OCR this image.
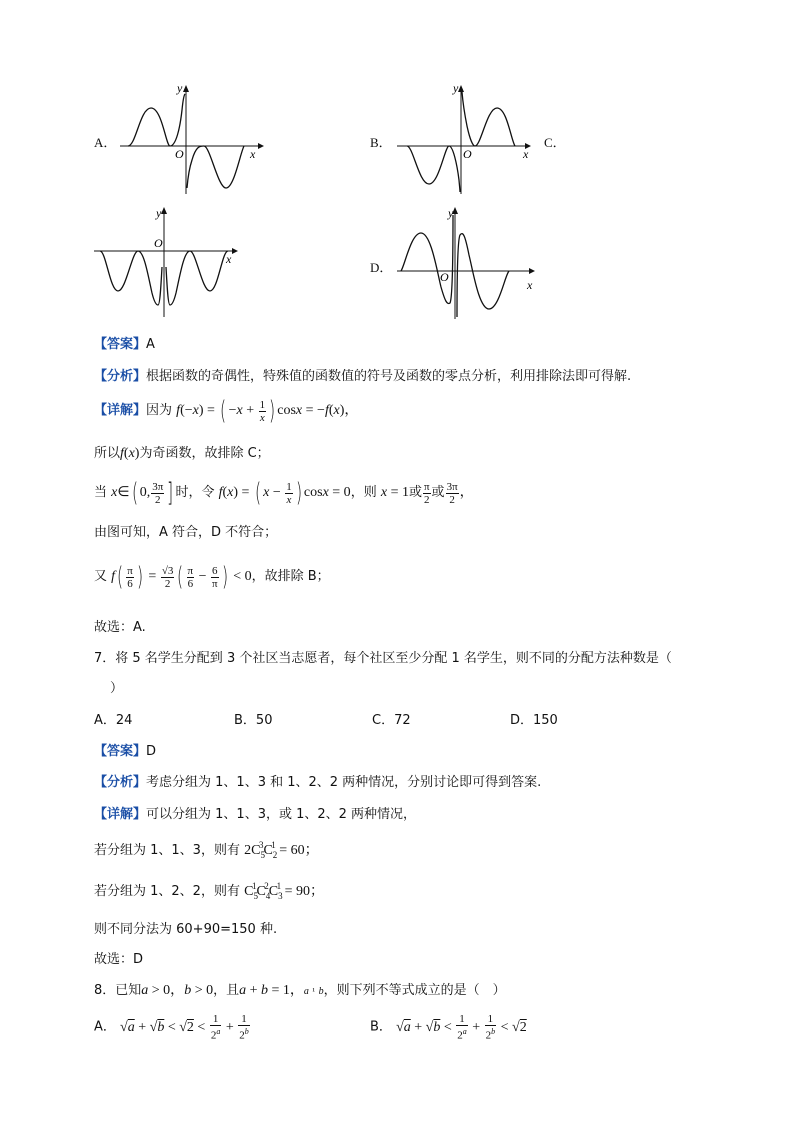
A．
y
O	x
B．
y
O	x
C．
y
O
x
D．
y
O
x
【答案】A
【分析】根据函数的奇偶性，特殊值的函数值的符号及函数的零点分析，利用排除法即可得解.
【详解】因为 f(−x) = ( $-x + \frac{1}{x}$ ) cosx = −f(x)，
所以f(x)为奇函数，故排除 C；
当 x∈( 0, $\frac{3\pi}{2}$ ] 时，令 f(x) = ( $x - \frac{1}{x}$ ) cosx = 0，则 x = 1或 $\frac{\pi}{2}$ 或 $\frac{3\pi}{2}$ ，
由图可知，A 符合，D 不符合；
又 $f( \frac{\pi}{6}$ ) = $\frac{√3}{2}$ ( $\frac{\pi}{6} - \frac{6}{\pi}$ ) < 0，故排除 B；
故选：A.
7．将 5 名学生分配到 3 个社区当志愿者，每个社区至少分配 1 名学生，则不同的分配方法种数是（
）
A．24	B．50	C．72	D．150
【答案】D
【分析】考虑分组为 1、1、3 和 1、2、2 两种情况，分别讨论即可得到答案.
【详解】可以分组为 1、1、3，或 1、2、2 两种情况，
若分组为 1、1、3，则有 $2C_5^3C_2^1 = 60$；
若分组为 1、2、2，则有 $C_5^1C_4^2C_3^1 = 90$；
则不同分法为 60+90=150 种.
故选：D
8．已知a > 0，b > 0，且a + b = 1，a ¹ b，则下列不等式成立的是（　）
A． $√a + √b < √2 < \frac{1}{2^a} + \frac{1}{2^b}$	B． $√a + √b < \frac{1}{2^a} + \frac{1}{2^b} < √2$
